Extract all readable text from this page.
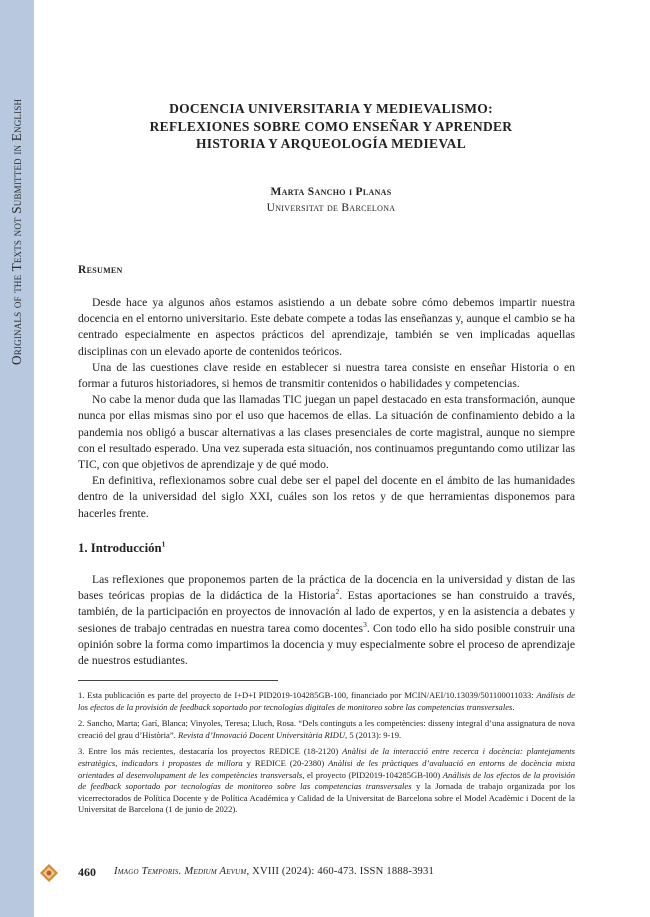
Originals of the Texts not Submitted in English	DOCENCIA UNIVERSITARIA Y MEDIEVALISMO:
REFLEXIONES SOBRE COMO ENSEÑAR Y APRENDER
HISTORIA Y ARQUEOLOGÍA MEDIEVAL
Marta Sancho i Planas
Universitat de Barcelona
Resumen

Desde hace ya algunos años estamos asistiendo a un debate sobre cómo debemos impartir nuestra docencia en el entorno universitario. Este debate compete a todas las enseñanzas y, aunque el cambio se ha centrado especialmente en aspectos prácticos del aprendizaje, también se ven implicadas aquellas disciplinas con un elevado aporte de contenidos teóricos.

Una de las cuestiones clave reside en establecer si nuestra tarea consiste en enseñar Historia o en formar a futuros historiadores, si hemos de transmitir contenidos o habilidades y competencias.

No cabe la menor duda que las llamadas TIC juegan un papel destacado en esta transformación, aunque nunca por ellas mismas sino por el uso que hacemos de ellas. La situación de confinamiento debido a la pandemia nos obligó a buscar alternativas a las clases presenciales de corte magistral, aunque no siempre con el resultado esperado. Una vez superada esta situación, nos continuamos preguntando como utilizar las TIC, con que objetivos de aprendizaje y de qué modo.

En definitiva, reflexionamos sobre cual debe ser el papel del docente en el ámbito de las humanidades dentro de la universidad del siglo XXI, cuáles son los retos y de que herramientas disponemos para hacerles frente.

1. Introducción$^1$

Las reflexiones que proponemos parten de la práctica de la docencia en la universidad y distan de las bases teóricas propias de la didáctica de la Historia$^2$. Estas aportaciones se han construido a través, también, de la participación en proyectos de innovación al lado de expertos, y en la asistencia a debates y sesiones de trabajo centradas en nuestra tarea como docentes$^3$. Con todo ello ha sido posible construir una opinión sobre la forma como impartimos la docencia y muy especialmente sobre el proceso de aprendizaje de nuestros estudiantes.

1. Esta publicación es parte del proyecto de I+D+I PID2019-104285GB-100, financiado por MCIN/AEI/10.13039/501100011033: Análisis de los efectos de la provisión de feedback soportado por tecnologías digitales de monitoreo sobre las competencias transversales.

2. Sancho, Marta; Garí, Blanca; Vinyoles, Teresa; Lluch, Rosa. “Dels continguts a les competències: disseny integral d’una assignatura de nova creació del grau d’Història”. Revista d’Innovació Docent Universitària RIDU, 5 (2013): 9-19.

3. Entre los más recientes, destacaría los proyectos REDICE (18-2120) Anàlisi de la interacció entre recerca i docència: plantejaments estratègics, indicadors i propostes de millora y REDICE (20-2380) Anàlisi de les pràctiques d’avaluació en entorns de docència mixta orientades al desenvolupament de les competències transversals, el proyecto (PID2019-104285GB-I00) Análisis de los efectos de la provisión de feedback soportado por tecnologías de monitoreo sobre las competencias transversales y la Jornada de trabajo organizada por los vicerrectorados de Política Docente y de Política Académica y Calidad de la Universitat de Barcelona sobre el Model Acadèmic i Docent de la Universitat de Barcelona (1 de junio de 2022).

460 Imago Temporis. Medium Aevum, XVIII (2024): 460-473. ISSN 1888-3931
